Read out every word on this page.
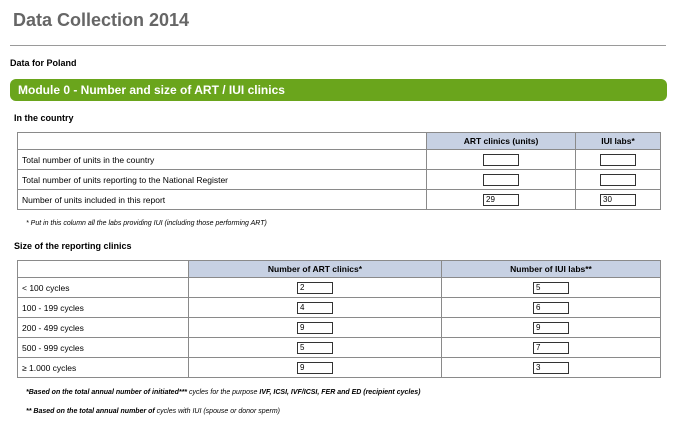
Data Collection 2014
Data for Poland
Module 0 - Number and size of ART / IUI clinics
In the country
	ART clinics (units)	IUI labs*
Total number of units in the country		
Total number of units reporting to the National Register		
Number of units included in this report	29	30
* Put in this column all the labs providing IUI (including those performing ART)
Size of the reporting clinics
	Number of ART clinics*	Number of IUI labs**
< 100 cycles	2	5
100 - 199 cycles	4	6
200 - 499 cycles	9	9
500 - 999 cycles	5	7
≥ 1.000 cycles	9	3
*Based on the total annual number of initiated*** cycles for the purpose IVF, ICSI, IVF/ICSI, FER and ED (recipient cycles)
** Based on the total annual number of cycles with IUI (spouse or donor sperm)
